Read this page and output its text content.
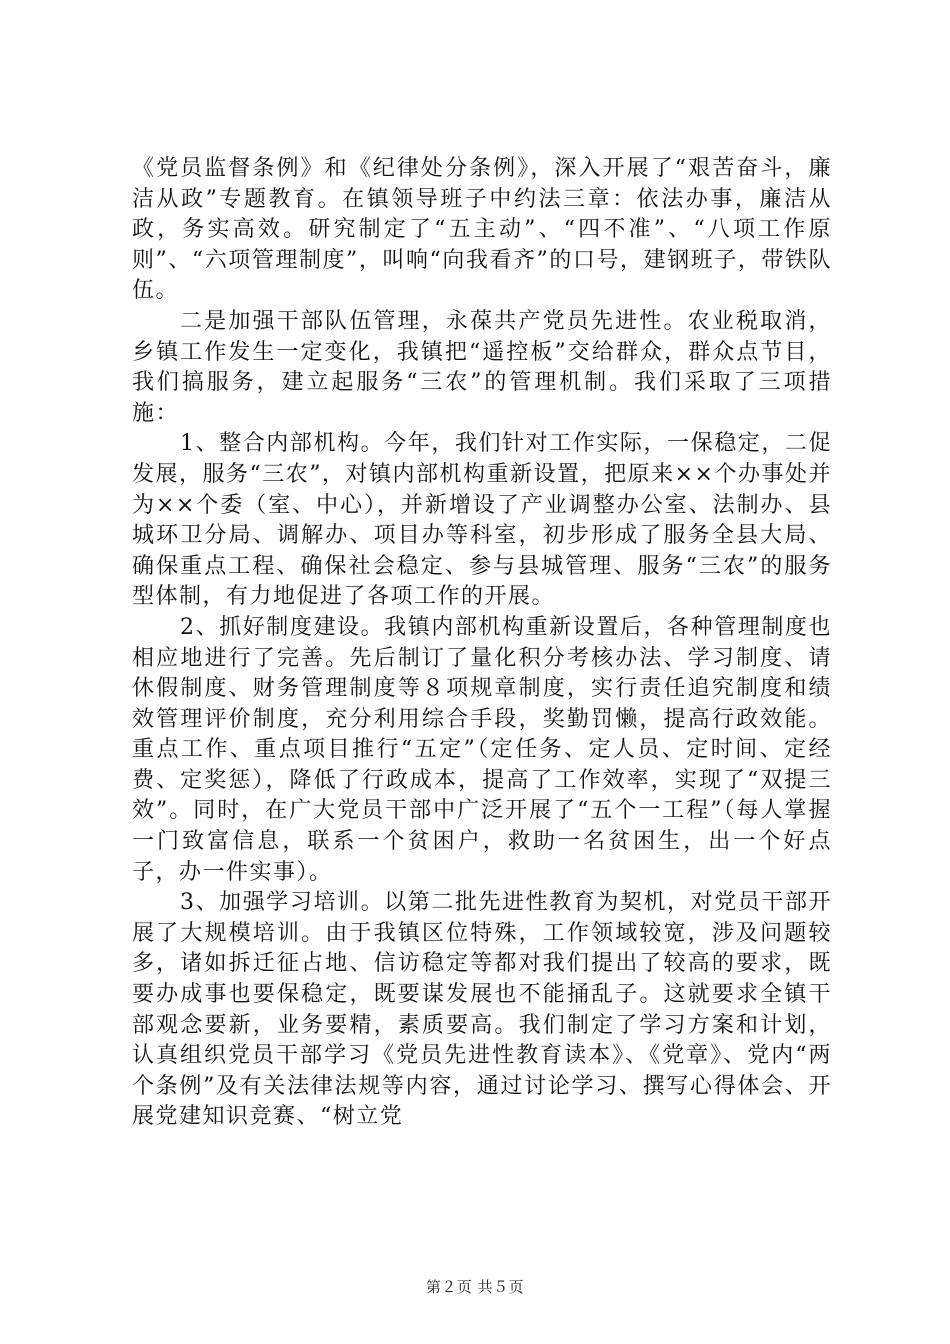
《党员监督条例》和《纪律处分条例》，深入开展了“艰苦奋斗，廉洁从政”专题教育。在镇领导班子中约法三章：依法办事，廉洁从政，务实高效。研究制定了“五主动”、“四不准”、“八项工作原则”、“六项管理制度”，叫响“向我看齐”的口号，建钢班子，带铁队伍。

二是加强干部队伍管理，永葆共产党员先进性。农业税取消，乡镇工作发生一定变化，我镇把“遥控板”交给群众，群众点节目，我们搞服务，建立起服务“三农”的管理机制。我们采取了三项措施：

1、整合内部机构。今年，我们针对工作实际，一保稳定，二促发展，服务“三农”，对镇内部机构重新设置，把原来××个办事处并为××个委（室、中心），并新增设了产业调整办公室、法制办、县城环卫分局、调解办、项目办等科室，初步形成了服务全县大局、确保重点工程、确保社会稳定、参与县城管理、服务“三农”的服务型体制，有力地促进了各项工作的开展。

2、抓好制度建设。我镇内部机构重新设置后，各种管理制度也相应地进行了完善。先后制订了量化积分考核办法、学习制度、请休假制度、财务管理制度等８项规章制度，实行责任追究制度和绩效管理评价制度，充分利用综合手段，奖勤罚懒，提高行政效能。重点工作、重点项目推行“五定”（定任务、定人员、定时间、定经费、定奖惩），降低了行政成本，提高了工作效率，实现了“双提三效”。同时，在广大党员干部中广泛开展了“五个一工程”（每人掌握一门致富信息，联系一个贫困户，救助一名贫困生，出一个好点子，办一件实事）。

3、加强学习培训。以第二批先进性教育为契机，对党员干部开展了大规模培训。由于我镇区位特殊，工作领域较宽，涉及问题较多，诸如拆迁征占地、信访稳定等都对我们提出了较高的要求，既要办成事也要保稳定，既要谋发展也不能捅乱子。这就要求全镇干部观念要新，业务要精，素质要高。我们制定了学习方案和计划，认真组织党员干部学习《党员先进性教育读本》、《党章》、党内“两个条例”及有关法律法规等内容，通过讨论学习、撰写心得体会、开展党建知识竞赛、“树立党

第２页 共５页
